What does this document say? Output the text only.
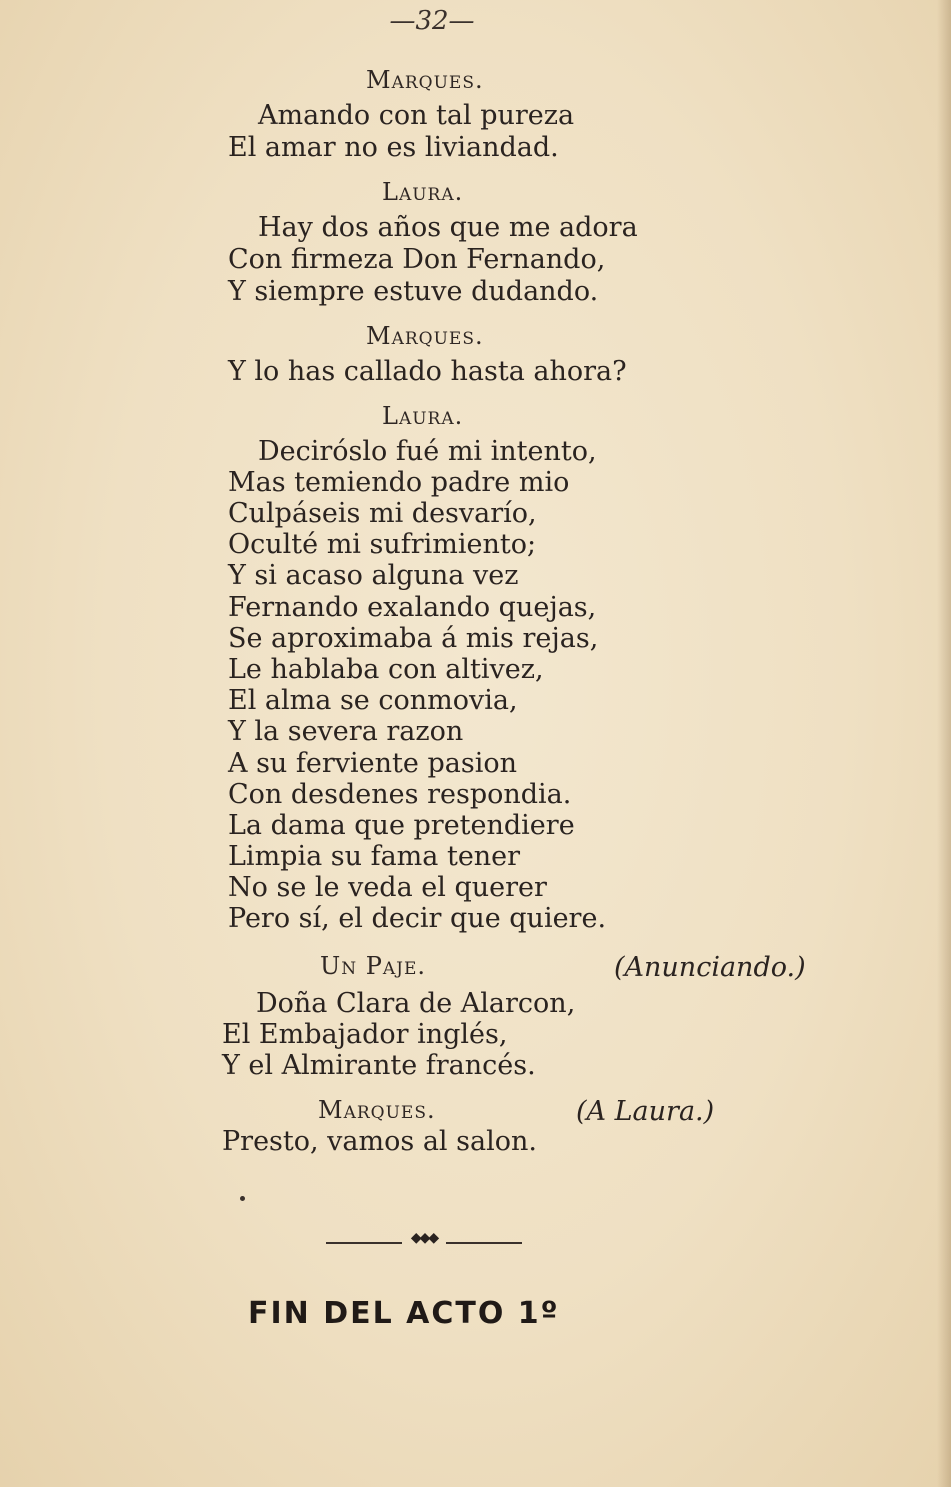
—32—
Marques.
Amando con tal pureza
El amar no es liviandad.
Laura.
Hay dos años que me adora
Con firmeza Don Fernando,
Y siempre estuve dudando.
Marques.
Y lo has callado hasta ahora?
Laura.
Deciróslo fué mi intento,
Mas temiendo padre mio
Culpáseis mi desvarío,
Oculté mi sufrimiento;
Y si acaso alguna vez
Fernando exalando quejas,
Se aproximaba á mis rejas,
Le hablaba con altivez,
El alma se conmovia,
Y la severa razon
A su ferviente pasion
Con desdenes respondia.
La dama que pretendiere
Limpia su fama tener
No se le veda el querer
Pero sí, el decir que quiere.
Un Paje.	(Anunciando.)
Doña Clara de Alarcon,
El Embajador inglés,
Y el Almirante francés.
Marques.	(A Laura.)
Presto, vamos al salon.
◆◆◆
FIN DEL ACTO 1º
